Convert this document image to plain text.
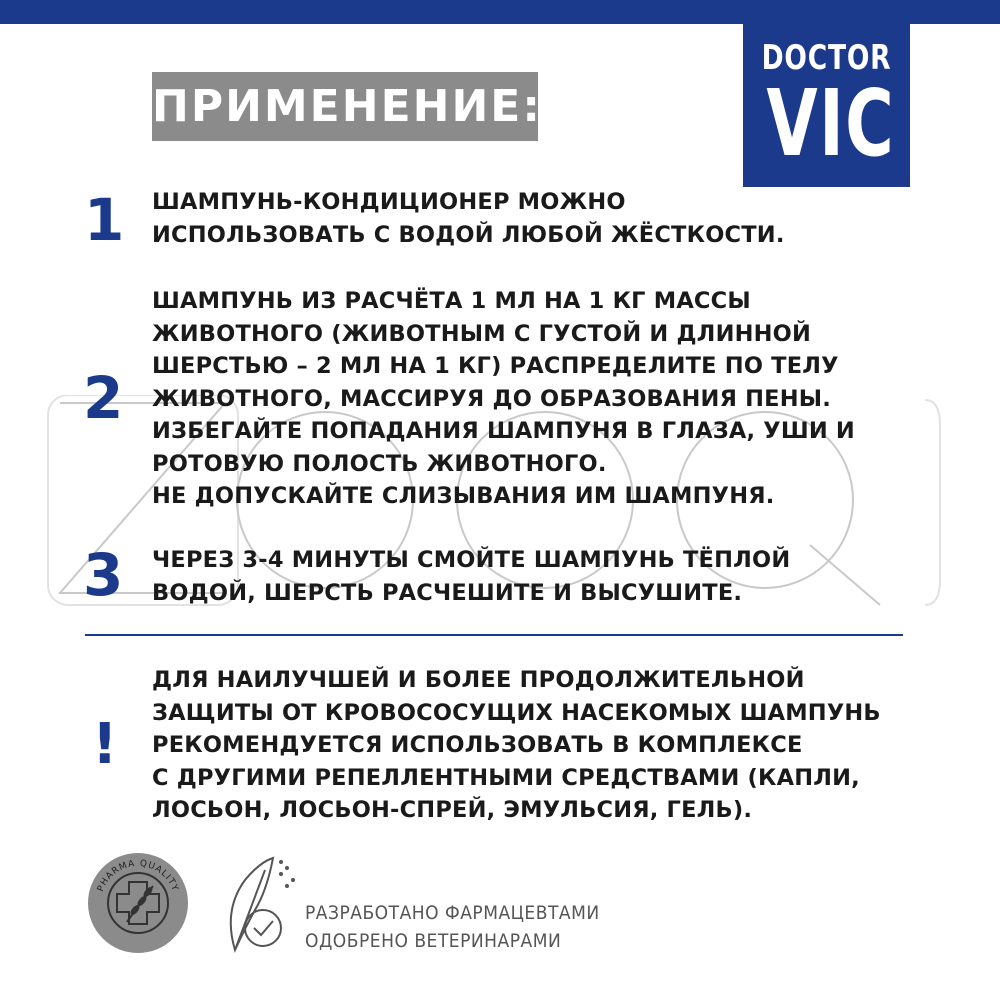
DOCTOR
VIC
ПРИМЕНЕНИЕ:
1 ШАМПУНЬ-КОНДИЦИОНЕР МОЖНО
ИСПОЛЬЗОВАТЬ С ВОДОЙ ЛЮБОЙ ЖЁСТКОСТИ.
2
ШАМПУНЬ ИЗ РАСЧЁТА 1 МЛ НА 1 КГ МАССЫ
ЖИВОТНОГО (ЖИВОТНЫМ С ГУСТОЙ И ДЛИННОЙ
ШЕРСТЬЮ – 2 МЛ НА 1 КГ) РАСПРЕДЕЛИТЕ ПО ТЕЛУ
ЖИВОТНОГО, МАССИРУЯ ДО ОБРАЗОВАНИЯ ПЕНЫ.
ИЗБЕГАЙТЕ ПОПАДАНИЯ ШАМПУНЯ В ГЛАЗА, УШИ И
РОТОВУЮ ПОЛОСТЬ ЖИВОТНОГО.
НЕ ДОПУСКАЙТЕ СЛИЗЫВАНИЯ ИМ ШАМПУНЯ.
3 ЧЕРЕЗ 3-4 МИНУТЫ СМОЙТЕ ШАМПУНЬ ТЁПЛОЙ
ВОДОЙ, ШЕРСТЬ РАСЧЕШИТЕ И ВЫСУШИТЕ.
!
ДЛЯ НАИЛУЧШЕЙ И БОЛЕЕ ПРОДОЛЖИТЕЛЬНОЙ
ЗАЩИТЫ ОТ КРОВОСОСУЩИХ НАСЕКОМЫХ ШАМПУНЬ
РЕКОМЕНДУЕТСЯ ИСПОЛЬЗОВАТЬ В КОМПЛЕКСЕ
С ДРУГИМИ РЕПЕЛЛЕНТНЫМИ СРЕДСТВАМИ (КАПЛИ,
ЛОСЬОН, ЛОСЬОН-СПРЕЙ, ЭМУЛЬСИЯ, ГЕЛЬ).
PHARMA QUALITY
РАЗРАБОТАНО ФАРМАЦЕВТАМИ
ОДОБРЕНО ВЕТЕРИНАРАМИ
